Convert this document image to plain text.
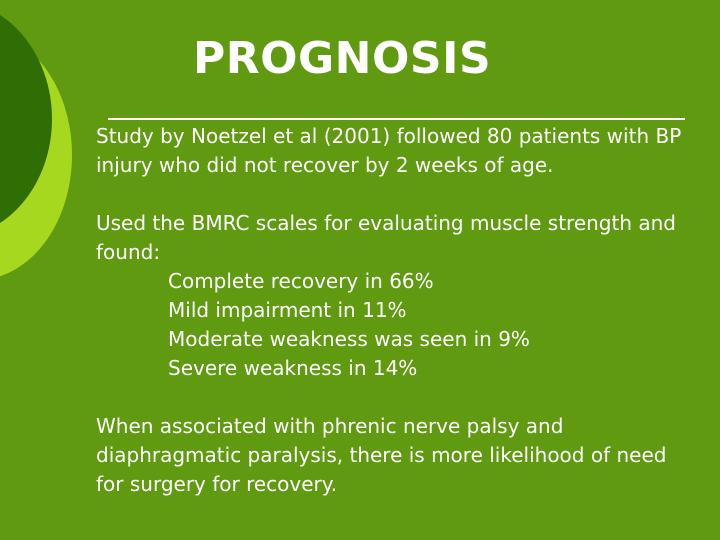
PROGNOSIS

Study by Noetzel et al (2001) followed 80 patients with BP injury who did not recover by 2 weeks of age.

Used the BMRC scales for evaluating muscle strength and found:

Complete recovery in 66%
Mild impairment in 11%
Moderate weakness was seen in 9%
Severe weakness in 14%

When associated with phrenic nerve palsy and diaphragmatic paralysis, there is more likelihood of need for surgery for recovery.
